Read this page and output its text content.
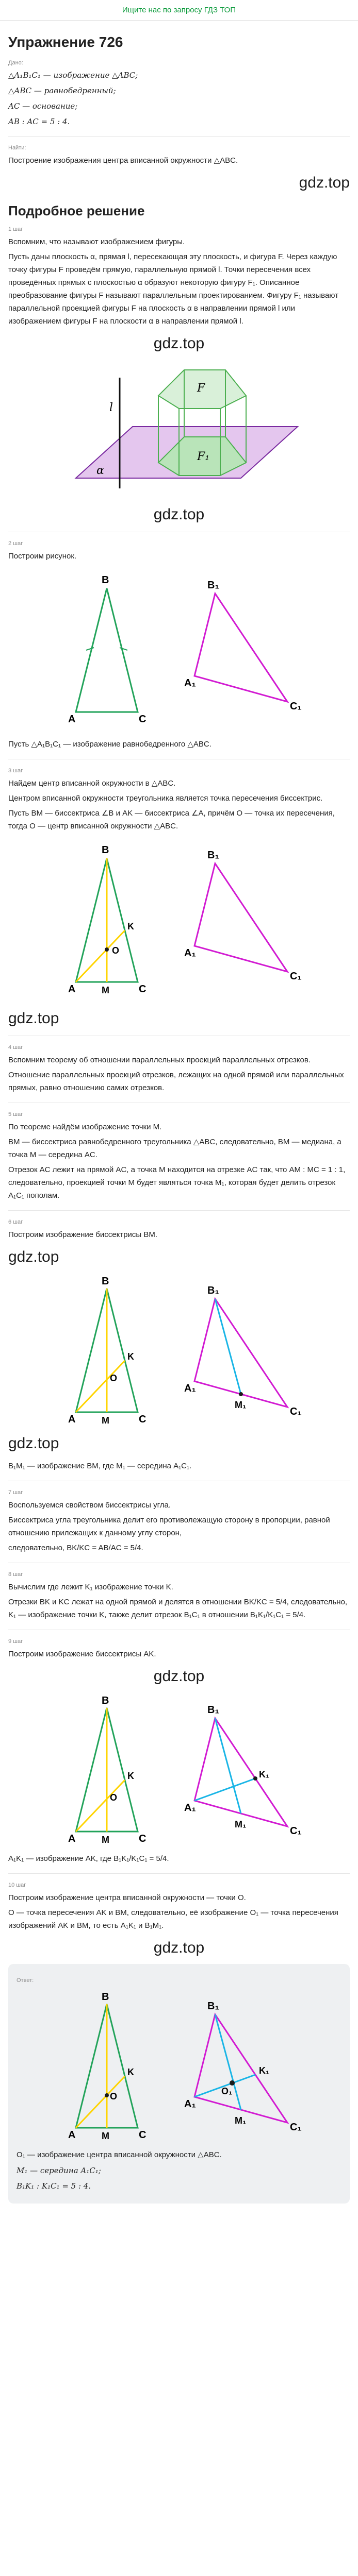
Ищите нас по запросу ГДЗ ТОП
Упражнение 726
Дано:
△A₁B₁C₁ — изображение △ABC;
△ABC — равнобедренный;
AC — основание;
AB : AC = 5 : 4.
Найти:
Построение изображения центра вписанной окружности △ABC.
gdz.top
Подробное решение
1 шаг
Вспомним, что называют изображением фигуры.
Пусть даны плоскость α, прямая l, пересекающая эту плоскость, и фигура F. Через каждую точку фигуры F проведём прямую, параллельную прямой l. Точки пересечения всех проведённых прямых с плоскостью α образуют некоторую фигуру F₁. Описанное преобразование фигуры F называют параллельным проектированием. Фигуру F₁ называют параллельной проекцией фигуры F на плоскость α в направлении прямой l или изображением фигуры F на плоскости α в направлении прямой l.
gdz.top
l
F
F₁
α
gdz.top
2 шаг
Построим рисунок.
A
B
C
A₁
B₁
C₁
Пусть △A₁B₁C₁ — изображение равнобедренного △ABC.
3 шаг
Найдем центр вписанной окружности в △ABC.
Центром вписанной окружности треугольника является точка пересечения биссектрис.
Пусть BM — биссектриса ∠B и AK — биссектриса ∠A, причём O — точка их пересечения, тогда O — центр вписанной окружности △ABC.
O
K
M
A
B
C
A₁
B₁
C₁
gdz.top
4 шаг
Вспомним теорему об отношении параллельных проекций параллельных отрезков.
Отношение параллельных проекций отрезков, лежащих на одной прямой или параллельных прямых, равно отношению самих отрезков.
5 шаг
По теореме найдём изображение точки M.
BM — биссектриса равнобедренного треугольника △ABC, следовательно, BM — медиана, а точка M — середина AC.
Отрезок AC лежит на прямой AC, а точка M находится на отрезке AC так, что AM : MC = 1 : 1, следовательно, проекцией точки M будет являться точка M₁, которая будет делить отрезок A₁C₁ пополам.
6 шаг
Построим изображение биссектрисы BM.
gdz.top
K
O
M
A
B
C
M₁
A₁
B₁
C₁
gdz.top
B₁M₁ — изображение BM, где M₁ — середина A₁C₁.
7 шаг
Воспользуемся свойством биссектрисы угла.
Биссектриса угла треугольника делит его противолежащую сторону в пропорции, равной отношению прилежащих к данному углу сторон,
следовательно, BK/KC = AB/AC = 5/4.
8 шаг
Вычислим где лежит K₁ изображение точки K.
Отрезки BK и KC лежат на одной прямой и делятся в отношении BK/KC = 5/4, следовательно, K₁ — изображение точки K, также делит отрезок B₁C₁ в отношении B₁K₁/K₁C₁ = 5/4.
9 шаг
Построим изображение биссектрисы AK.
gdz.top
K
O
M
A
B
C
K₁
M₁
A₁
B₁
C₁
A₁K₁ — изображение AK, где B₁K₁/K₁C₁ = 5/4.
10 шаг
Построим изображение центра вписанной окружности — точки O.
O — точка пересечения AK и BM, следовательно, её изображение O₁ — точка пересечения изображений AK и BM, то есть A₁K₁ и B₁M₁.
gdz.top
Ответ:
K
O
M
A
B
C
O₁
K₁
M₁
A₁
B₁
C₁
O₁ — изображение центра вписанной окружности △ABC.
M₁ — середина A₁C₁;
B₁K₁ : K₁C₁ = 5 : 4.
